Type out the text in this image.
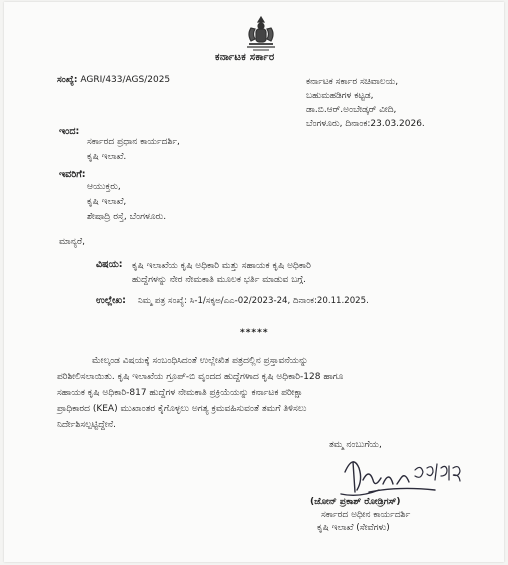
ಕರ್ನಾಟಕ ಸರ್ಕಾರ
ಸಂಖ್ಯೆ: AGRI/433/AGS/2025	ಕರ್ನಾಟಕ ಸರ್ಕಾರ ಸಚಿವಾಲಯ,
ಬಹುಮಹಡಿಗಳ ಕಟ್ಟಡ,
ಡಾ.ಬಿ.ಆರ್.ಅಂಬೇಡ್ಕರ್ ವೀದಿ,
ಬೆಂಗಳೂರು, ದಿನಾಂಕ:23.03.2026.
ಇಂದ:
ಸರ್ಕಾರದ ಪ್ರಧಾನ ಕಾರ್ಯದರ್ಶಿ,
ಕೃಷಿ ಇಲಾಖೆ.
ಇವರಿಗೆ:
ಆಯುಕ್ತರು,
ಕೃಷಿ ಇಲಾಖೆ,
ಶೇಷಾದ್ರಿ ರಸ್ತೆ, ಬೆಂಗಳೂರು.
ಮಾನ್ಯರೆ,
ವಿಷಯ: ಕೃಷಿ ಇಲಾಖೆಯ ಕೃಷಿ ಅಧಿಕಾರಿ ಮತ್ತು ಸಹಾಯಕ ಕೃಷಿ ಅಧಿಕಾರಿ
ಹುದ್ದೆಗಳನ್ನು ನೇರ ನೇಮಕಾತಿ ಮೂಲಕ ಭರ್ತಿ ಮಾಡುವ ಬಗ್ಗೆ.
ಉಲ್ಲೇಖ: ನಿಮ್ಮ ಪತ್ರ ಸಂಖ್ಯೆ: ಸಿ-1/ಸಕೃಅ/ಎಎ-02/2023-24, ದಿನಾಂಕ:20.11.2025.
*****
ಮೇಲ್ಕಂಡ ವಿಷಯಕ್ಕೆ ಸಂಬಂಧಿಸಿದಂತೆ ಉಲ್ಲೇಖಿತ ಪತ್ರದಲ್ಲಿನ ಪ್ರಸ್ತಾವನೆಯನ್ನು
ಪರಿಶೀಲಿಸಲಾಯಿತು. ಕೃಷಿ ಇಲಾಖೆಯ ಗ್ರೂಪ್-ಬಿ ವೃಂದದ ಹುದ್ದೆಗಳಾದ ಕೃಷಿ ಅಧಿಕಾರಿ-128 ಹಾಗೂ
ಸಹಾಯಕ ಕೃಷಿ ಅಧಿಕಾರಿ-817 ಹುದ್ದೆಗಳ ನೇಮಕಾತಿ ಪ್ರಕ್ರಿಯೆಯನ್ನು ಕರ್ನಾಟಕ ಪರೀಕ್ಷಾ
ಪ್ರಾಧಿಕಾರದ (KEA) ಮುಖಾಂತರ ಕೈಗೊಳ್ಳಲು ಅಗತ್ಯ ಕ್ರಮವಹಿಸುವಂತೆ ತಮಗೆ ತಿಳಿಸಲು
ನಿರ್ದೇಶಿಸಲ್ಪಟ್ಟಿದ್ದೇನೆ.
ತಮ್ಮ ನಂಬುಗೆಯ,
(ಜೋನ್ ಪ್ರಕಾಶ್ ರೋಡ್ರಿಗಸ್)
ಸರ್ಕಾರದ ಅಧೀನ ಕಾರ್ಯದರ್ಶಿ
ಕೃಷಿ ಇಲಾಖೆ (ಸೇವೆಗಳು)
